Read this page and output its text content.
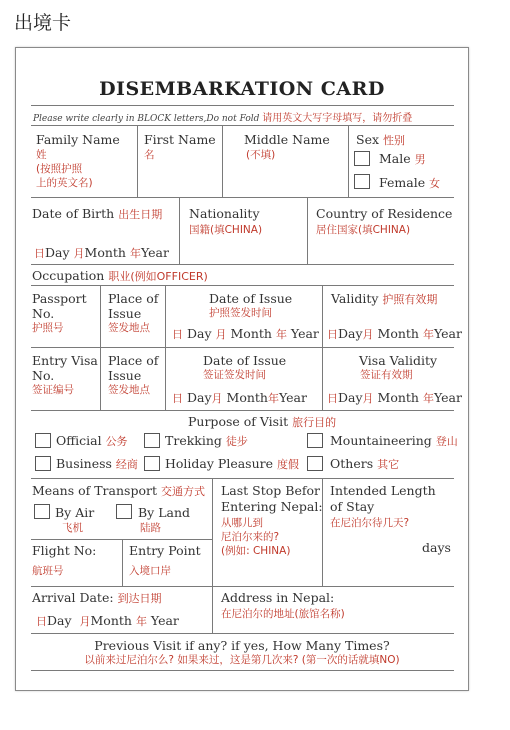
出境卡
DISEMBARKATION CARD
Please write clearly in BLOCK letters,Do not Fold 请用英文大写字母填写，请勿折叠
Family Name
姓
(按照护照
上的英文名)
First Name
名
Middle Name
(不填)
Sex 性别
Male 男
Female 女
Date of Birth 出生日期
日Day 月Month 年Year
Nationality
国籍(填CHINA)
Country of Residence
居住国家(填CHINA)
Occupation 职业(例如OFFICER)
Passport
No.
护照号
Place of
Issue
签发地点
Date of Issue
护照签发时间
日 Day 月 Month 年 Year
Validity 护照有效期
日Day月 Month 年Year
Entry Visa
No.
签证编号
Place of
Issue
签发地点
Date of Issue
签证签发时间
日 Day月 Month年Year
Visa Validity
签证有效期
日Day月 Month 年Year
Purpose of Visit 旅行目的
Official 公务	Trekking 徒步	Mountaineering 登山
Business 经商 Holiday Pleasure 度假 Others 其它
Means of Transport 交通方式
By Air
飞机
By Land
陆路
Last Stop Befor
Entering Nepal:
从哪儿到
尼泊尔来的?
(例如: CHINA)
Intended Length
of Stay
在尼泊尔待几天?
days
Flight No:
航班号
Entry Point
入境口岸
Arrival Date: 到达日期
日Day 月Month 年 Year
Address in Nepal:
在尼泊尔的地址(旅馆名称)
Previous Visit if any? if yes, How Many Times?
以前来过尼泊尔么? 如果来过，这是第几次来? (第一次的话就填NO)
